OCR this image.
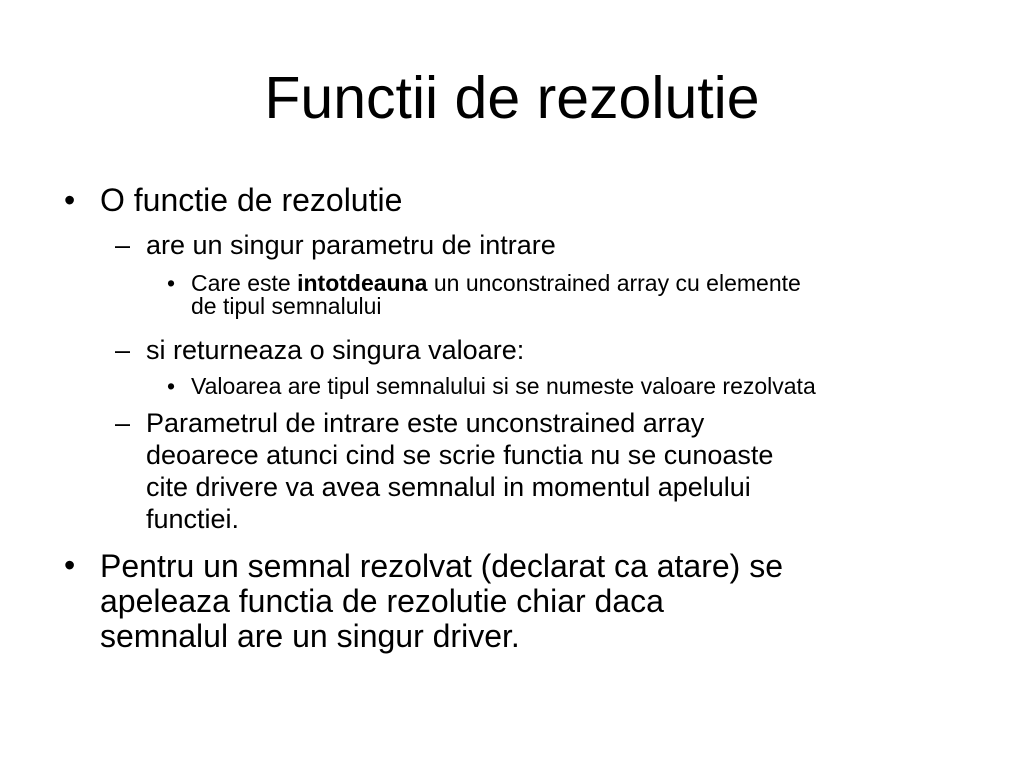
Functii de rezolutie
• O functie de rezolutie
– are un singur parametru de intrare
• Care este intotdeauna un unconstrained array cu elemente
de tipul semnalului
– si returneaza o singura valoare:
• Valoarea are tipul semnalului si se numeste valoare rezolvata
– Parametrul de intrare este unconstrained array
deoarece atunci cind se scrie functia nu se cunoaste
cite drivere va avea semnalul in momentul apelului
functiei.
• Pentru un semnal rezolvat (declarat ca atare) se
apeleaza functia de rezolutie chiar daca
semnalul are un singur driver.
